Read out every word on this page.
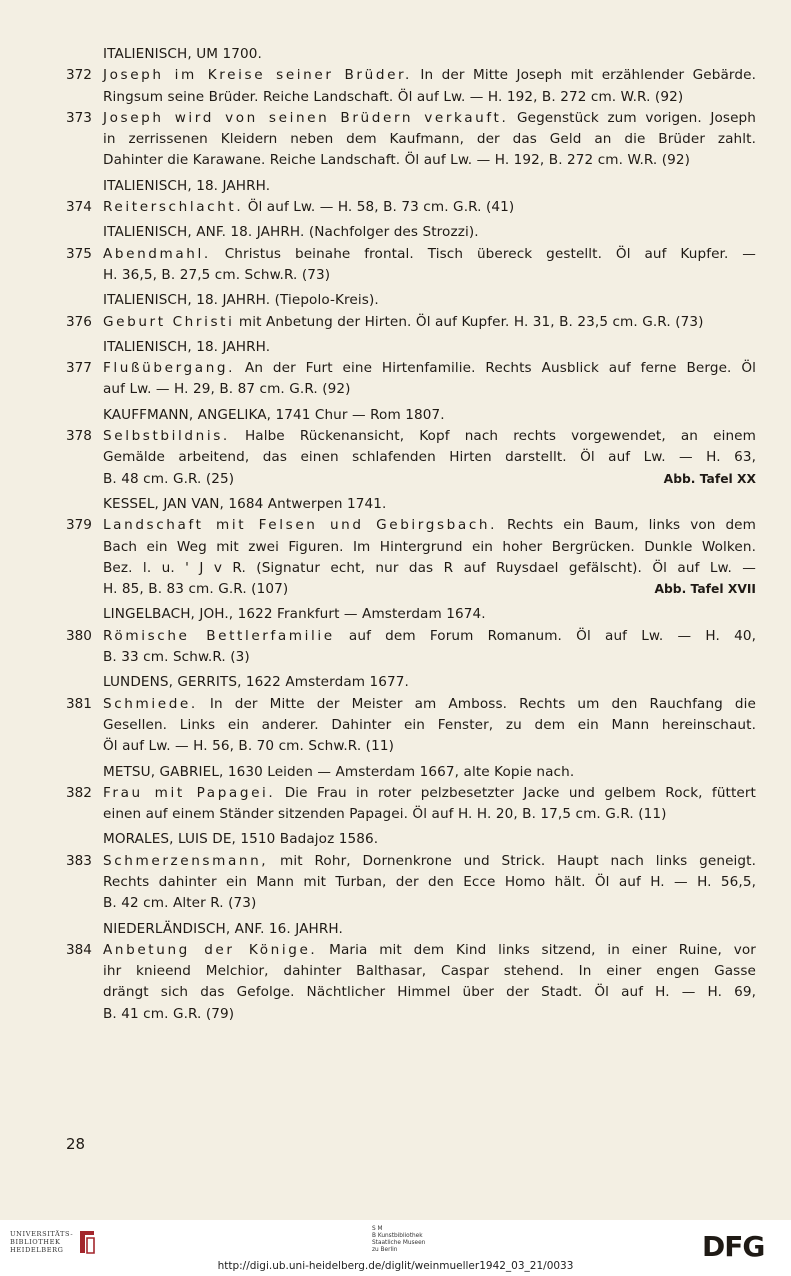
ITALIENISCH, UM 1700.
372 Joseph im Kreise seiner Brüder. In der Mitte Joseph mit erzählender Gebärde.
Ringsum seine Brüder. Reiche Landschaft. Öl auf Lw. — H. 192, B. 272 cm. W.R. (92)
373 Joseph wird von seinen Brüdern verkauft. Gegenstück zum vorigen. Joseph
in zerrissenen Kleidern neben dem Kaufmann, der das Geld an die Brüder zahlt.
Dahinter die Karawane. Reiche Landschaft. Öl auf Lw. — H. 192, B. 272 cm. W.R. (92)
ITALIENISCH, 18. JAHRH.
374 Reiterschlacht. Öl auf Lw. — H. 58, B. 73 cm. G.R. (41)
ITALIENISCH, ANF. 18. JAHRH. (Nachfolger des Strozzi).
375 Abendmahl. Christus beinahe frontal. Tisch übereck gestellt. Öl auf Kupfer. —
H. 36,5, B. 27,5 cm. Schw.R. (73)
ITALIENISCH, 18. JAHRH. (Tiepolo-Kreis).
376 Geburt Christi mit Anbetung der Hirten. Öl auf Kupfer. H. 31, B. 23,5 cm. G.R. (73)
ITALIENISCH, 18. JAHRH.
377 Flußübergang. An der Furt eine Hirtenfamilie. Rechts Ausblick auf ferne Berge. Öl
auf Lw. — H. 29, B. 87 cm. G.R. (92)
KAUFFMANN, ANGELIKA, 1741 Chur — Rom 1807.
378 Selbstbildnis. Halbe Rückenansicht, Kopf nach rechts vorgewendet, an einem
Gemälde arbeitend, das einen schlafenden Hirten darstellt. Öl auf Lw. — H. 63,
B. 48 cm. G.R. (25)	Abb. Tafel XX
KESSEL, JAN VAN, 1684 Antwerpen 1741.
379 Landschaft mit Felsen und Gebirgsbach. Rechts ein Baum, links von dem
Bach ein Weg mit zwei Figuren. Im Hintergrund ein hoher Bergrücken. Dunkle Wolken.
Bez. l. u. ' J v R. (Signatur echt, nur das R auf Ruysdael gefälscht). Öl auf Lw. —
H. 85, B. 83 cm. G.R. (107)	Abb. Tafel XVII
LINGELBACH, JOH., 1622 Frankfurt — Amsterdam 1674.
380 Römische Bettlerfamilie auf dem Forum Romanum. Öl auf Lw. — H. 40,
B. 33 cm. Schw.R. (3)
LUNDENS, GERRITS, 1622 Amsterdam 1677.
381 Schmiede. In der Mitte der Meister am Amboss. Rechts um den Rauchfang die
Gesellen. Links ein anderer. Dahinter ein Fenster, zu dem ein Mann hereinschaut.
Öl auf Lw. — H. 56, B. 70 cm. Schw.R. (11)
METSU, GABRIEL, 1630 Leiden — Amsterdam 1667, alte Kopie nach.
382 Frau mit Papagei. Die Frau in roter pelzbesetzter Jacke und gelbem Rock, füttert
einen auf einem Ständer sitzenden Papagei. Öl auf H. H. 20, B. 17,5 cm. G.R. (11)
MORALES, LUIS DE, 1510 Badajoz 1586.
383 Schmerzensmann, mit Rohr, Dornenkrone und Strick. Haupt nach links geneigt.
Rechts dahinter ein Mann mit Turban, der den Ecce Homo hält. Öl auf H. — H. 56,5,
B. 42 cm. Alter R. (73)
NIEDERLÄNDISCH, ANF. 16. JAHRH.
384 Anbetung der Könige. Maria mit dem Kind links sitzend, in einer Ruine, vor
ihr knieend Melchior, dahinter Balthasar, Caspar stehend. In einer engen Gasse
drängt sich das Gefolge. Nächtlicher Himmel über der Stadt. Öl auf H. — H. 69,
B. 41 cm. G.R. (79)
28
UNIVERSITÄTS-
BIBLIOTHEK
HEIDELBERG
S M
B Kunstbibliothek
Staatliche Museen
zu Berlin	DFG
http://digi.ub.uni-heidelberg.de/diglit/weinmueller1942_03_21/0033
